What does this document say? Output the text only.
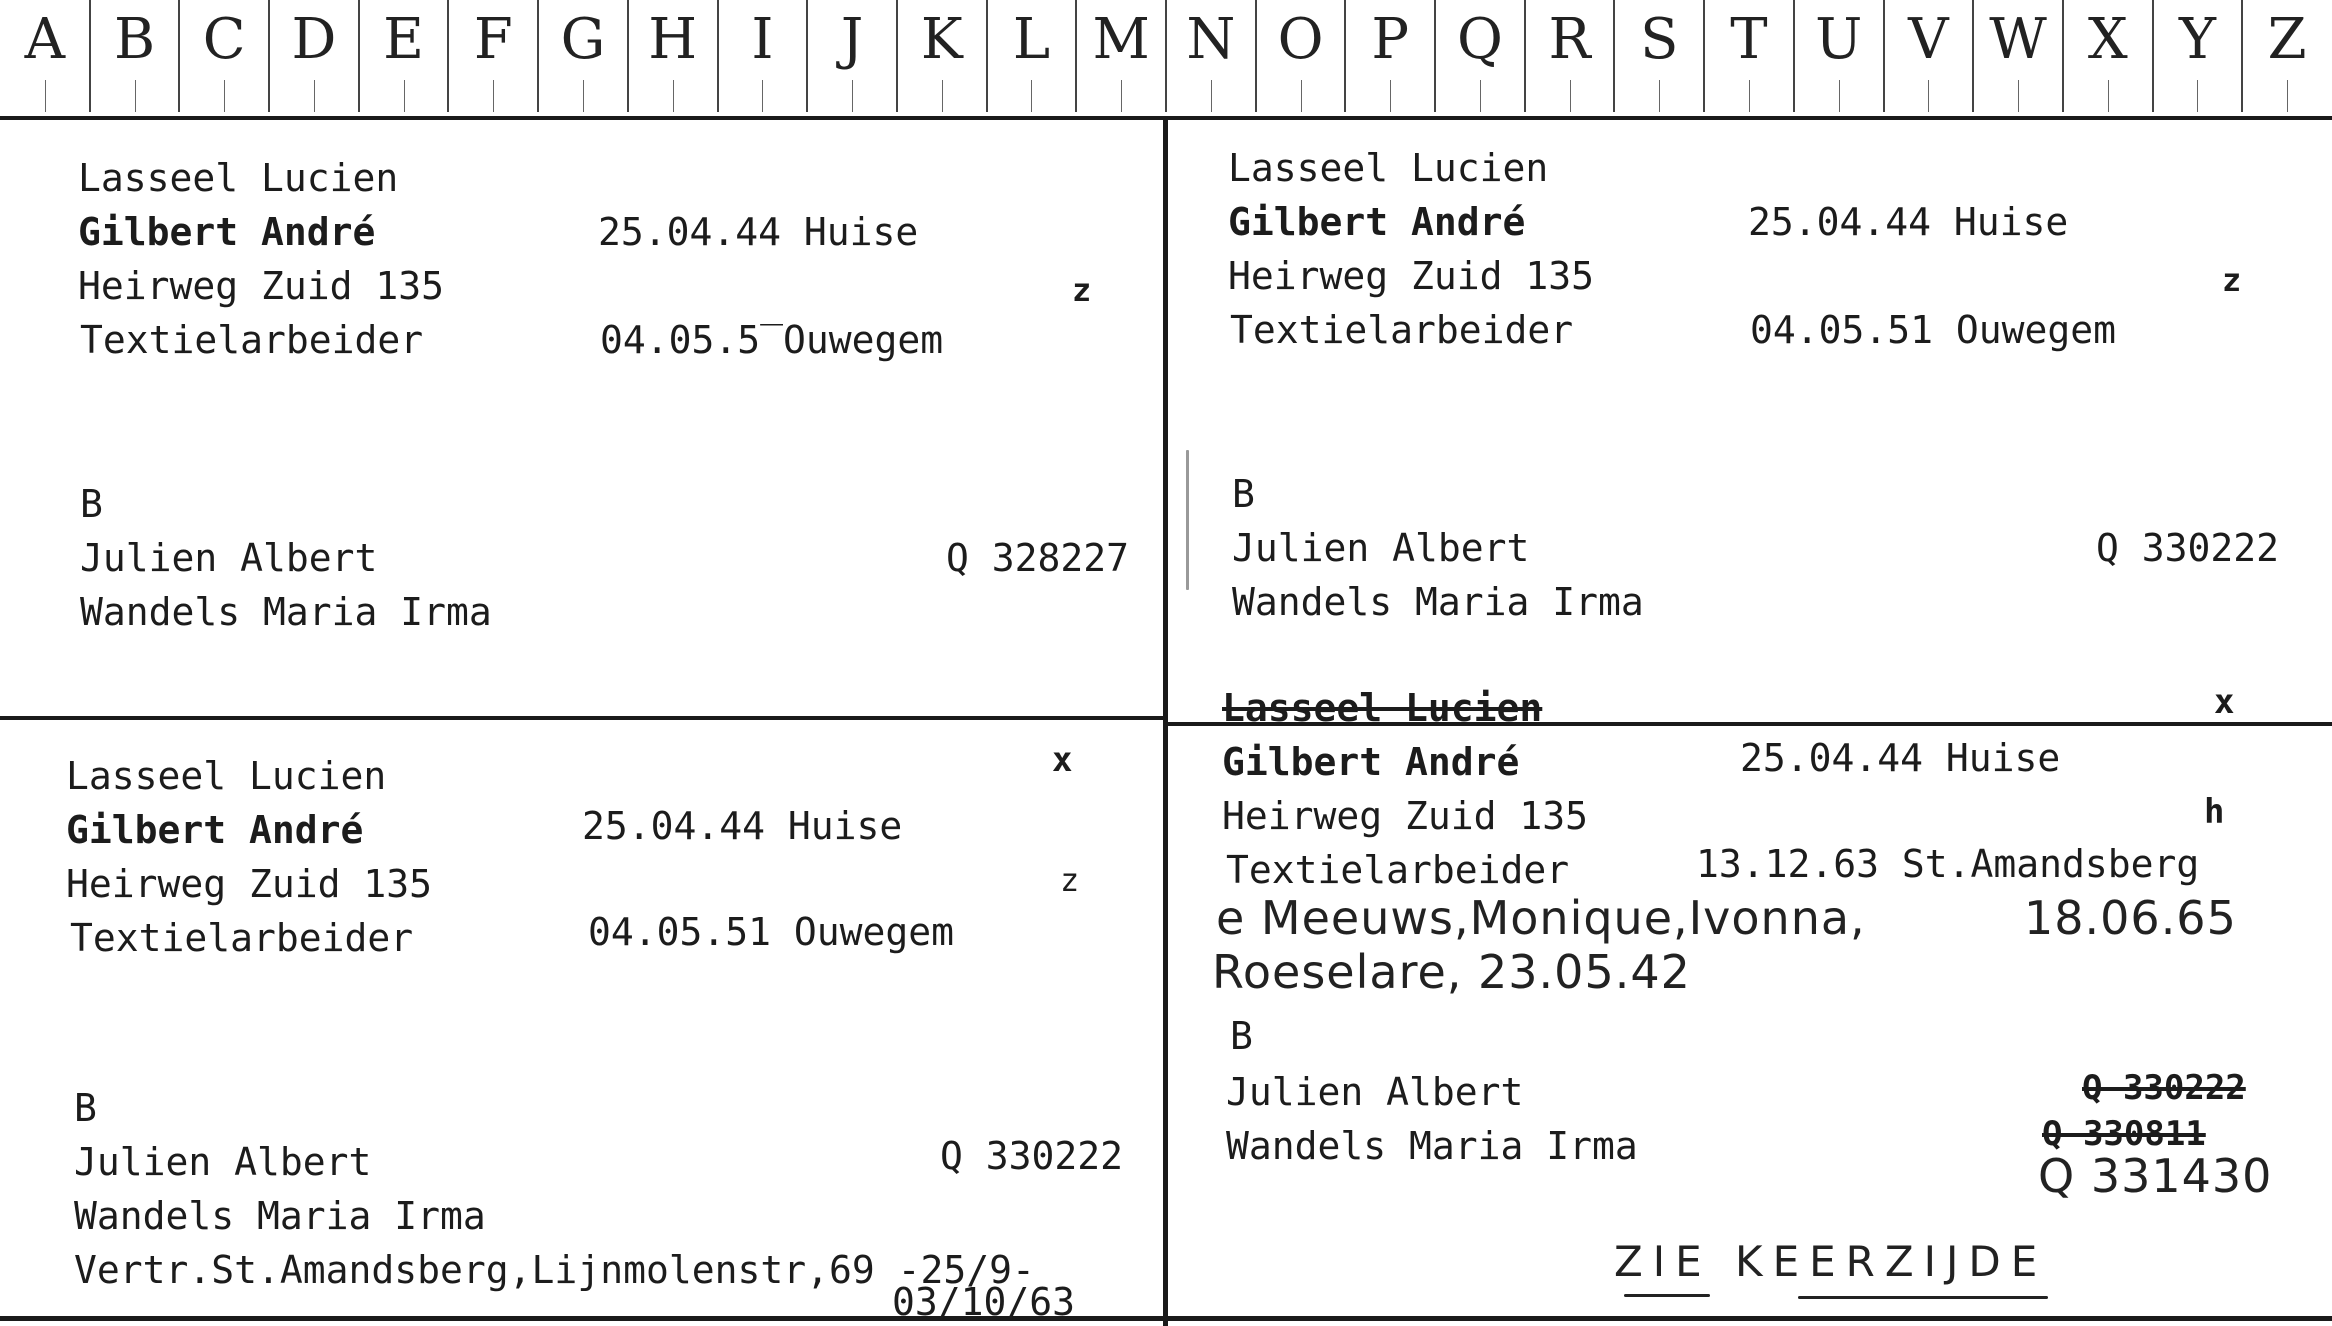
A B C D E F G H I	J	K L M N O P Q R S T U V W X Y Z
Lasseel Lucien
Gilbert André	25.04.44 Huise
Heirweg Zuid 135	z
Textielarbeider	04.05.5̅ Ouwegem
B
Julien Albert	Q 328227
Wandels Maria Irma
Lasseel Lucien
Gilbert André	25.04.44 Huise
Heirweg Zuid 135	z
Textielarbeider	04.05.51 Ouwegem
B
Julien Albert	Q 330222
Wandels Maria Irma
Lasseel Lucien	x
Gilbert André	25.04.44 Huise
Heirweg Zuid 135	z
Textielarbeider	04.05.51 Ouwegem
B
Julien Albert	Q 330222
Wandels Maria Irma
Vertr.St.Amandsberg,Lijnmolenstr,69 -25/9-
03/10/63
Lasseel Lucien	x
Gilbert André	25.04.44 Huise
Heirweg Zuid 135	h
Textielarbeider	13.12.63 St.Amandsberg
e Meeuws,Monique,Ivonna,	18.06.65
Roeselare, 23.05.42
B
Julien Albert
Wandels Maria Irma
Q 330222
Q 330811
Q 331430
ZIE KEERZIJDE
